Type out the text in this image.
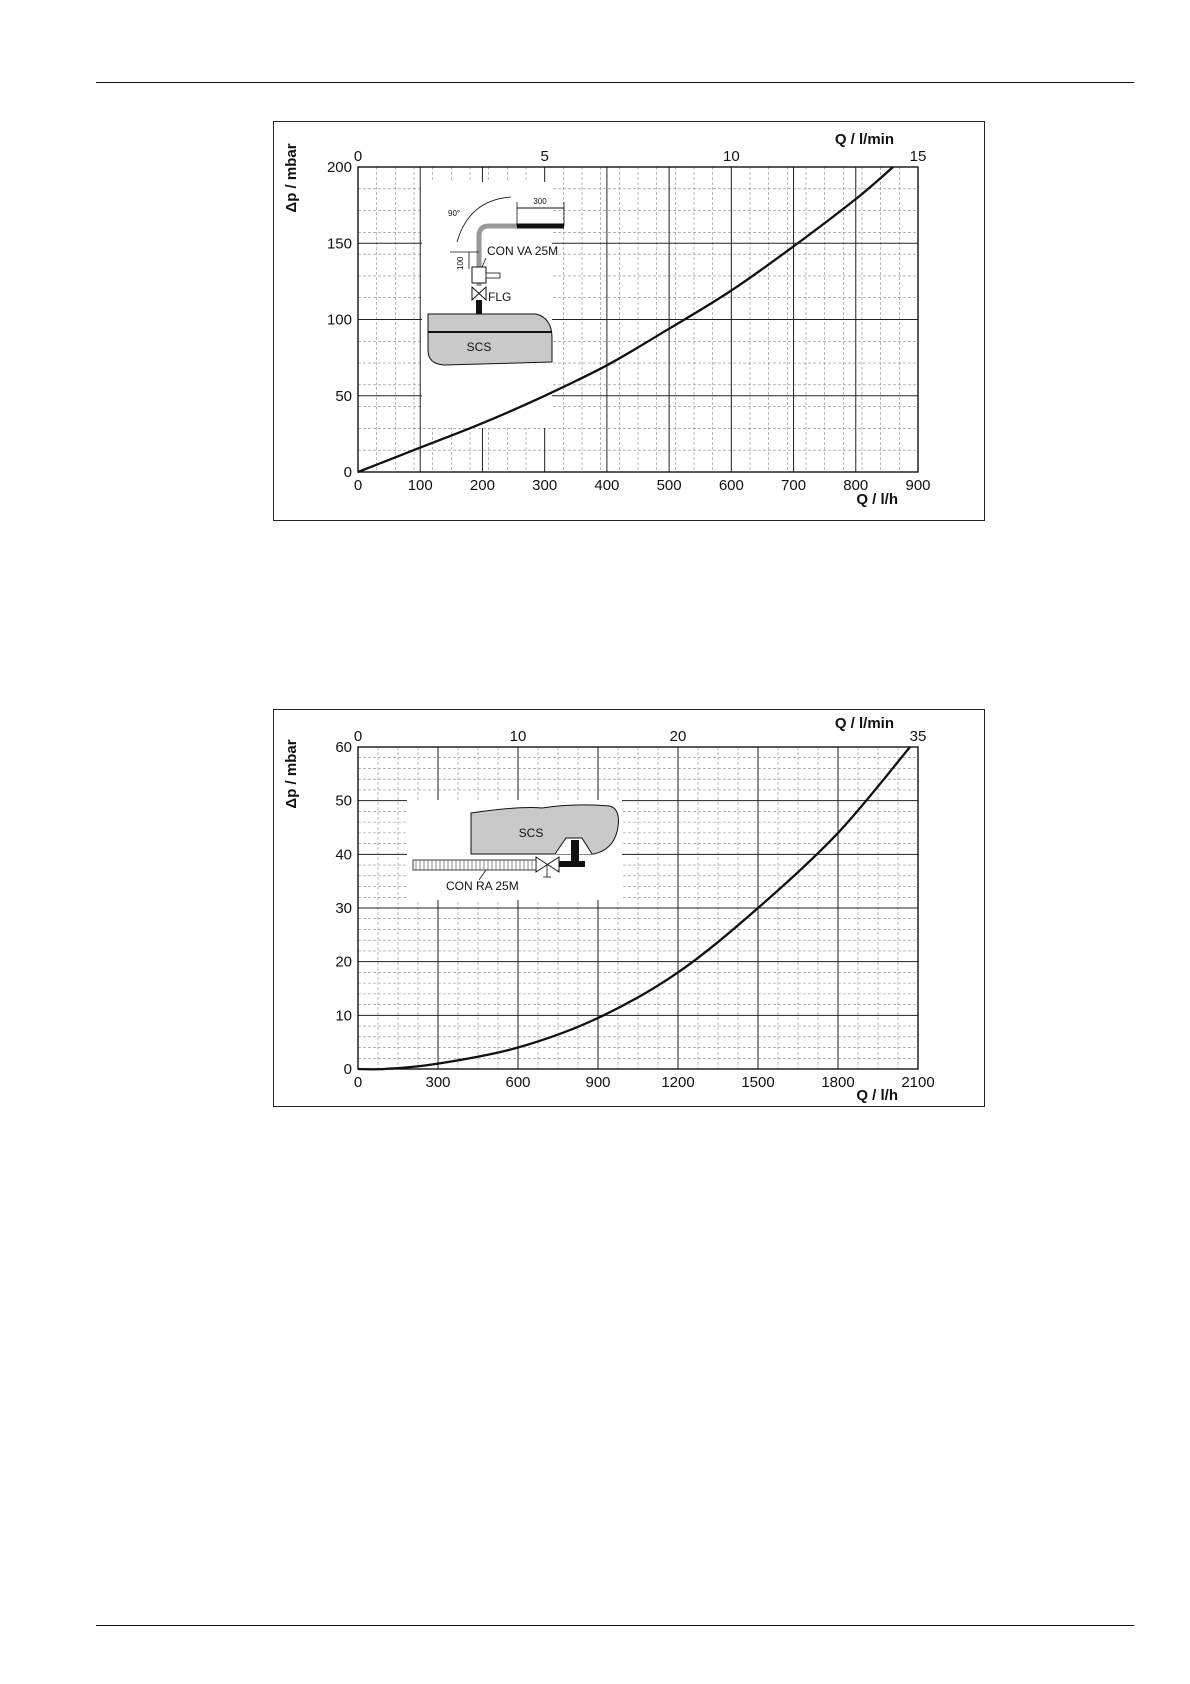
0	100 200 300 400 500 600 700 800 900
0
50
100
150
200
0	5	10	15
Δp / mbar
Q / l/h
Q / l/min
300
90°
100
CON VA 25M
FLG
SCS
0	300	600	900	1200	1500	1800	2100
0
10
20
30
40
50
60
0	10	20	35
Δp / mbar
Q / l/h
Q / l/min
SCS
CON RA 25M
